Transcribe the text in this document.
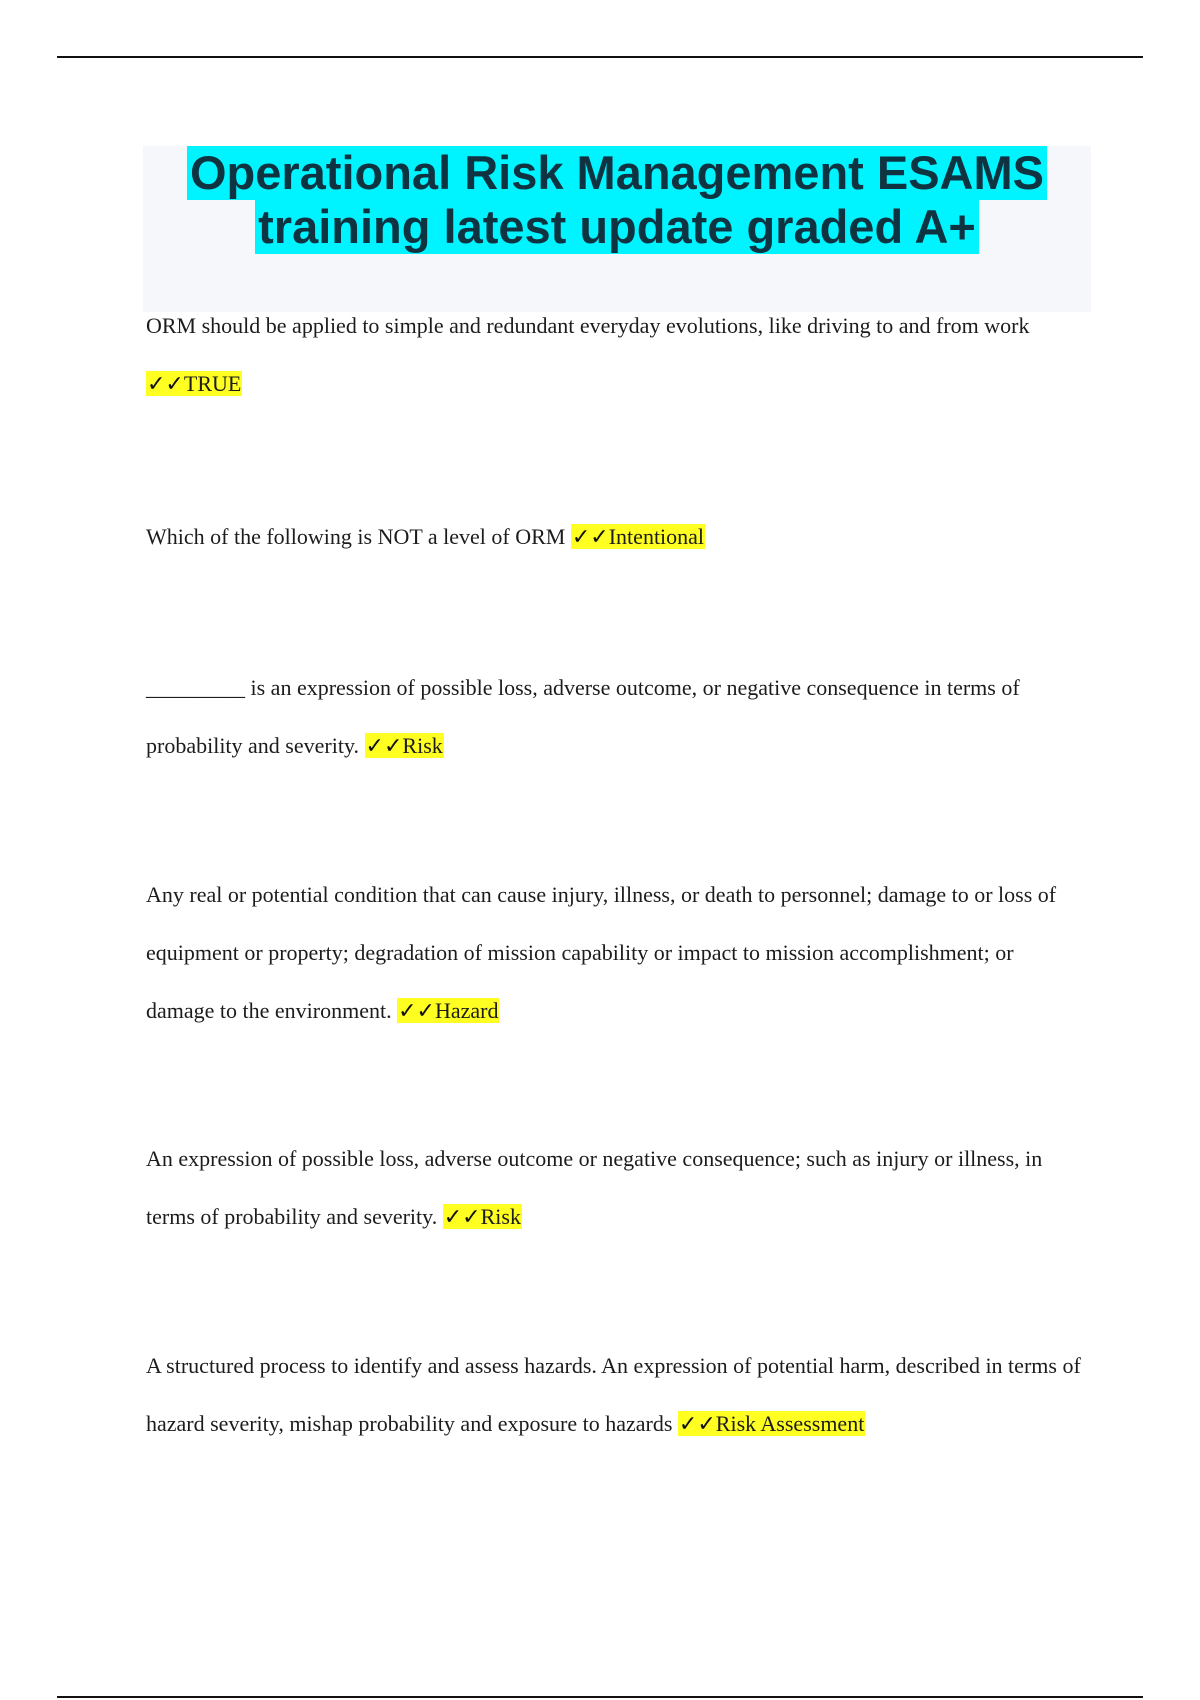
Operational Risk Management ESAMS
training latest update graded A+

ORM should be applied to simple and redundant everyday evolutions, like driving to and from work ✓✓TRUE

Which of the following is NOT a level of ORM ✓✓Intentional

_________ is an expression of possible loss, adverse outcome, or negative consequence in terms of probability and severity. ✓✓Risk

Any real or potential condition that can cause injury, illness, or death to personnel; damage to or loss of equipment or property; degradation of mission capability or impact to mission accomplishment; or damage to the environment. ✓✓Hazard

An expression of possible loss, adverse outcome or negative consequence; such as injury or illness, in terms of probability and severity. ✓✓Risk

A structured process to identify and assess hazards. An expression of potential harm, described in terms of hazard severity, mishap probability and exposure to hazards ✓✓Risk Assessment
